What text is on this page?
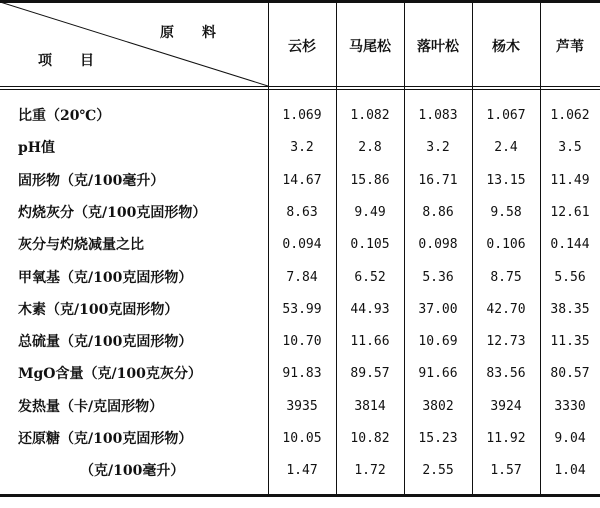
原　　料
项　　目
云杉	马尾松	落叶松	杨木	芦苇
比重（20℃）	1.069	1.082	1.083	1.067	1.062
pH值	3.2	2.8	3.2	2.4	3.5
固形物（克/100毫升）	14.67	15.86	16.71	13.15	11.49
灼烧灰分（克/100克固形物）	8.63	9.49	8.86	9.58	12.61
灰分与灼烧减量之比	0.094	0.105	0.098	0.106	0.144
甲氧基（克/100克固形物）	7.84	6.52	5.36	8.75	5.56
木素（克/100克固形物）	53.99	44.93	37.00	42.70	38.35
总硫量（克/100克固形物）	10.70	11.66	10.69	12.73	11.35
MgO含量（克/100克灰分）	91.83	89.57	91.66	83.56	80.57
发热量（卡/克固形物）	3935	3814	3802	3924	3330
还原糖（克/100克固形物）	10.05	10.82	15.23	11.92	9.04
（克/100毫升）	1.47	1.72	2.55	1.57	1.04
